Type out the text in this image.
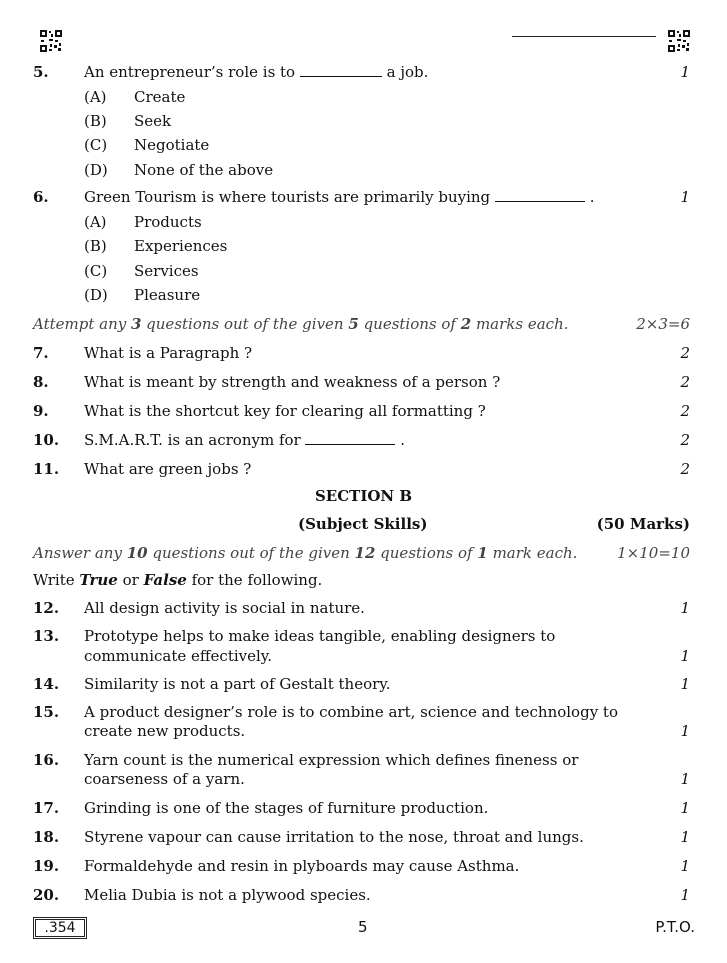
5. An entrepreneur’s role is to	a job.	1
(A) Create
(B) Seek
(C) Negotiate
(D) None of the above
6. Green Tourism is where tourists are primarily buying	.	1
(A) Products
(B) Experiences
(C) Services
(D) Pleasure
Attempt any 3 questions out of the given 5 questions of 2 marks each.	2×3=6
7. What is a Paragraph ?	2
8. What is meant by strength and weakness of a person ?	2
9. What is the shortcut key for clearing all formatting ?	2
10. S.M.A.R.T. is an acronym for	.	2
11. What are green jobs ?	2
SECTION B
(Subject Skills)	(50 Marks)
Answer any 10 questions out of the given 12 questions of 1 mark each.	1×10=10
Write True or False for the following.
12. All design activity is social in nature.	1
13. Prototype helps to make ideas tangible, enabling designers to
communicate effectively.	1
14. Similarity is not a part of Gestalt theory.	1
15. A product designer’s role is to combine art, science and technology to
create new products.	1
16. Yarn count is the numerical expression which defines fineness or
coarseness of a yarn.	1
17. Grinding is one of the stages of furniture production.	1
18. Styrene vapour can cause irritation to the nose, throat and lungs.	1
19. Formaldehyde and resin in plyboards may cause Asthma.	1
20. Melia Dubia is not a plywood species.	1
.354	5	P.T.O.
